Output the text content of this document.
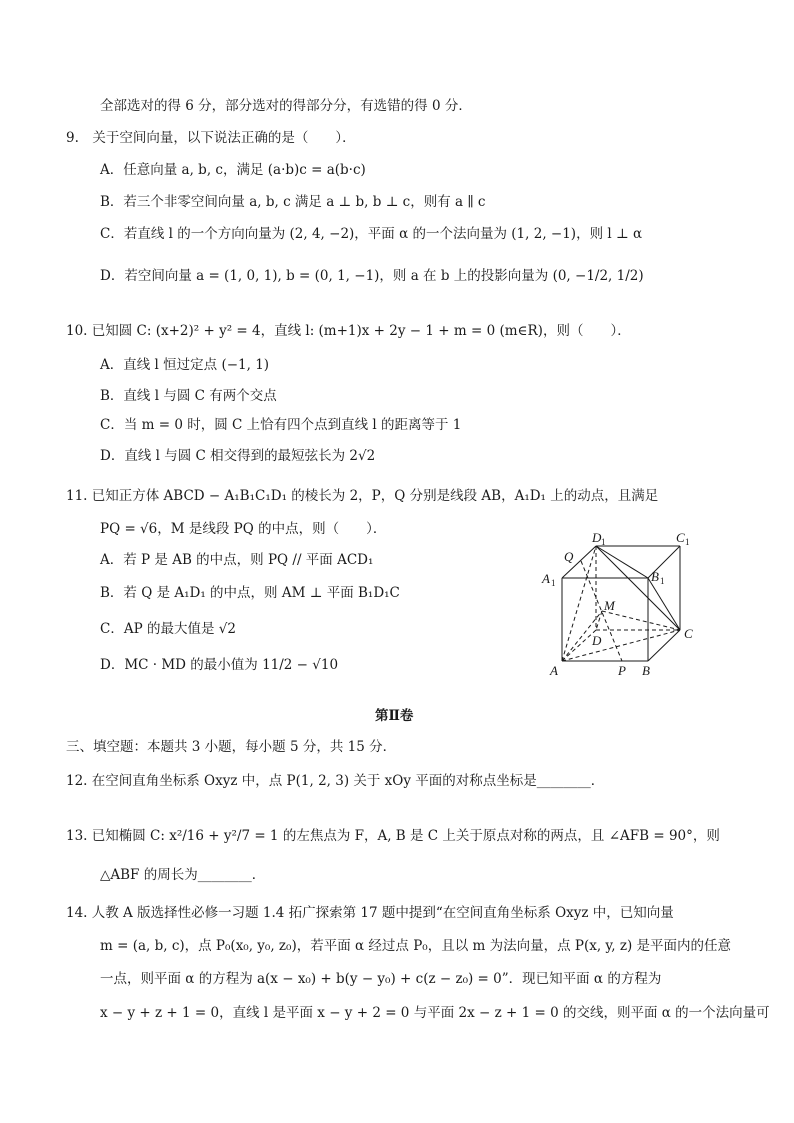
全部选对的得 6 分，部分选对的得部分分，有选错的得 0 分．
9.　关于空间向量，以下说法正确的是（　　）．
A．任意向量 a, b, c，满足 (a·b)c = a(b·c)
B．若三个非零空间向量 a, b, c 满足 a ⊥ b, b ⊥ c，则有 a ∥ c
C．若直线 l 的一个方向向量为 (2, 4, −2)，平面 α 的一个法向量为 (1, 2, −1)，则 l ⊥ α
D．若空间向量 a = (1, 0, 1), b = (0, 1, −1)，则 a 在 b 上的投影向量为 (0, −1/2, 1/2)
10. 已知圆 C: (x+2)² + y² = 4，直线 l: (m+1)x + 2y − 1 + m = 0 (m∈R)，则（　　）．
A．直线 l 恒过定点 (−1, 1)
B．直线 l 与圆 C 有两个交点
C．当 m = 0 时，圆 C 上恰有四个点到直线 l 的距离等于 1
D．直线 l 与圆 C 相交得到的最短弦长为 2√2
11. 已知正方体 ABCD − A₁B₁C₁D₁ 的棱长为 2，P，Q 分别是线段 AB，A₁D₁ 上的动点，且满足
PQ = √6，M 是线段 PQ 的中点，则（　　）．
A．若 P 是 AB 的中点，则 PQ // 平面 ACD₁
B．若 Q 是 A₁D₁ 的中点，则 AM ⊥ 平面 B₁D₁C
C．AP 的最大值是 √2
D．MC · MD 的最小值为 11/2 − √10
D 1	C 1
Q
A 1	B 1
M
D	C
A	P B
第Ⅱ卷
三、填空题：本题共 3 小题，每小题 5 分，共 15 分．
12. 在空间直角坐标系 Oxyz 中，点 P(1, 2, 3) 关于 xOy 平面的对称点坐标是________．
13. 已知椭圆 C: x²/16 + y²/7 = 1 的左焦点为 F，A, B 是 C 上关于原点对称的两点，且 ∠AFB = 90°，则
△ABF 的周长为________．
14. 人教 A 版选择性必修一习题 1.4 拓广探索第 17 题中提到“在空间直角坐标系 Oxyz 中，已知向量
m = (a, b, c)，点 P₀(x₀, y₀, z₀)，若平面 α 经过点 P₀，且以 m 为法向量，点 P(x, y, z) 是平面内的任意
一点，则平面 α 的方程为 a(x − x₀) + b(y − y₀) + c(z − z₀) = 0”．现已知平面 α 的方程为
x − y + z + 1 = 0，直线 l 是平面 x − y + 2 = 0 与平面 2x − z + 1 = 0 的交线，则平面 α 的一个法向量可
